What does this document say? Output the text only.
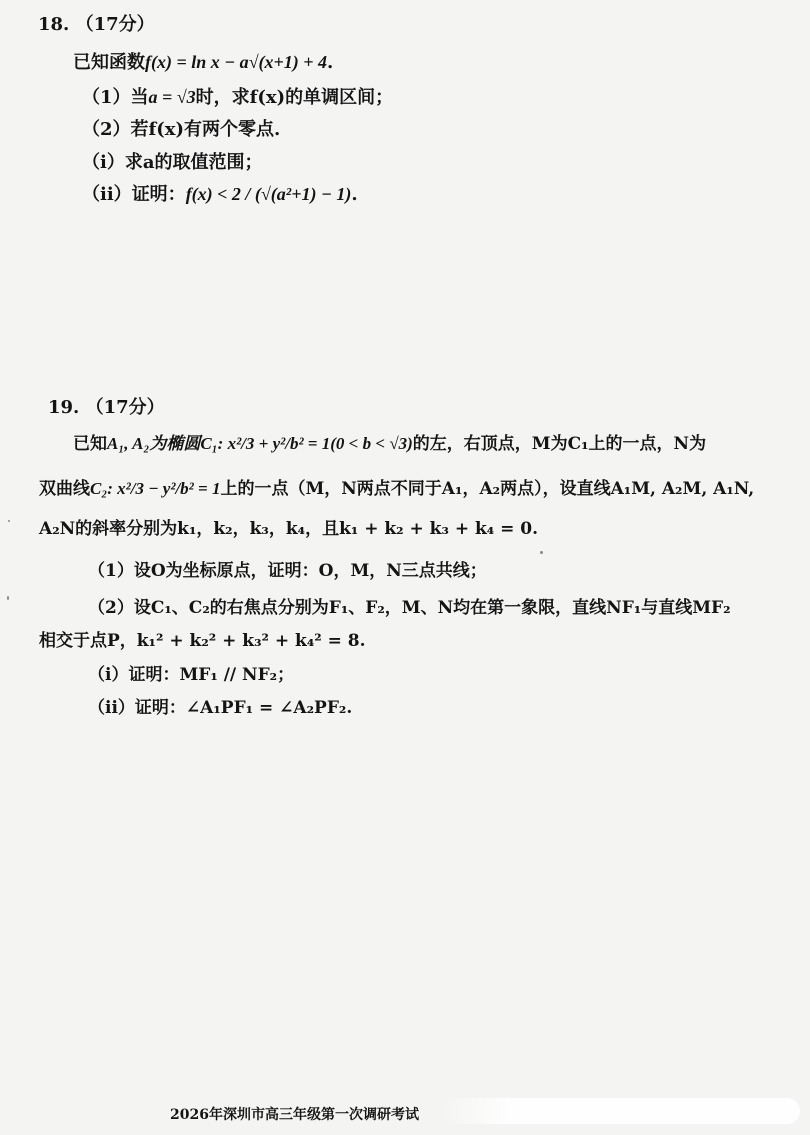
18. （17分）
已知函数f(x) = ln x − a√(x+1) + 4.
（1）当a = √3时，求f(x)的单调区间；
（2）若f(x)有两个零点.
（i）求a的取值范围；
（ii）证明：f(x) < 2 / (√(a²+1) − 1).
19. （17分）
已知A₁, A₂为椭圆C₁: x²/3 + y²/b² = 1(0 < b < √3)的左，右顶点，M为C₁上的一点，N为
双曲线C₂: x²/3 − y²/b² = 1上的一点（M，N两点不同于A₁，A₂两点），设直线A₁M, A₂M, A₁N,
A₂N的斜率分别为k₁，k₂，k₃，k₄，且k₁ + k₂ + k₃ + k₄ = 0.
（1）设O为坐标原点，证明：O，M，N三点共线；
（2）设C₁、C₂的右焦点分别为F₁、F₂，M、N均在第一象限，直线NF₁与直线MF₂
相交于点P，k₁² + k₂² + k₃² + k₄² = 8.
（i）证明：MF₁ // NF₂；
（ii）证明：∠A₁PF₁ = ∠A₂PF₂.
2026年深圳市高三年级第一次调研考试
